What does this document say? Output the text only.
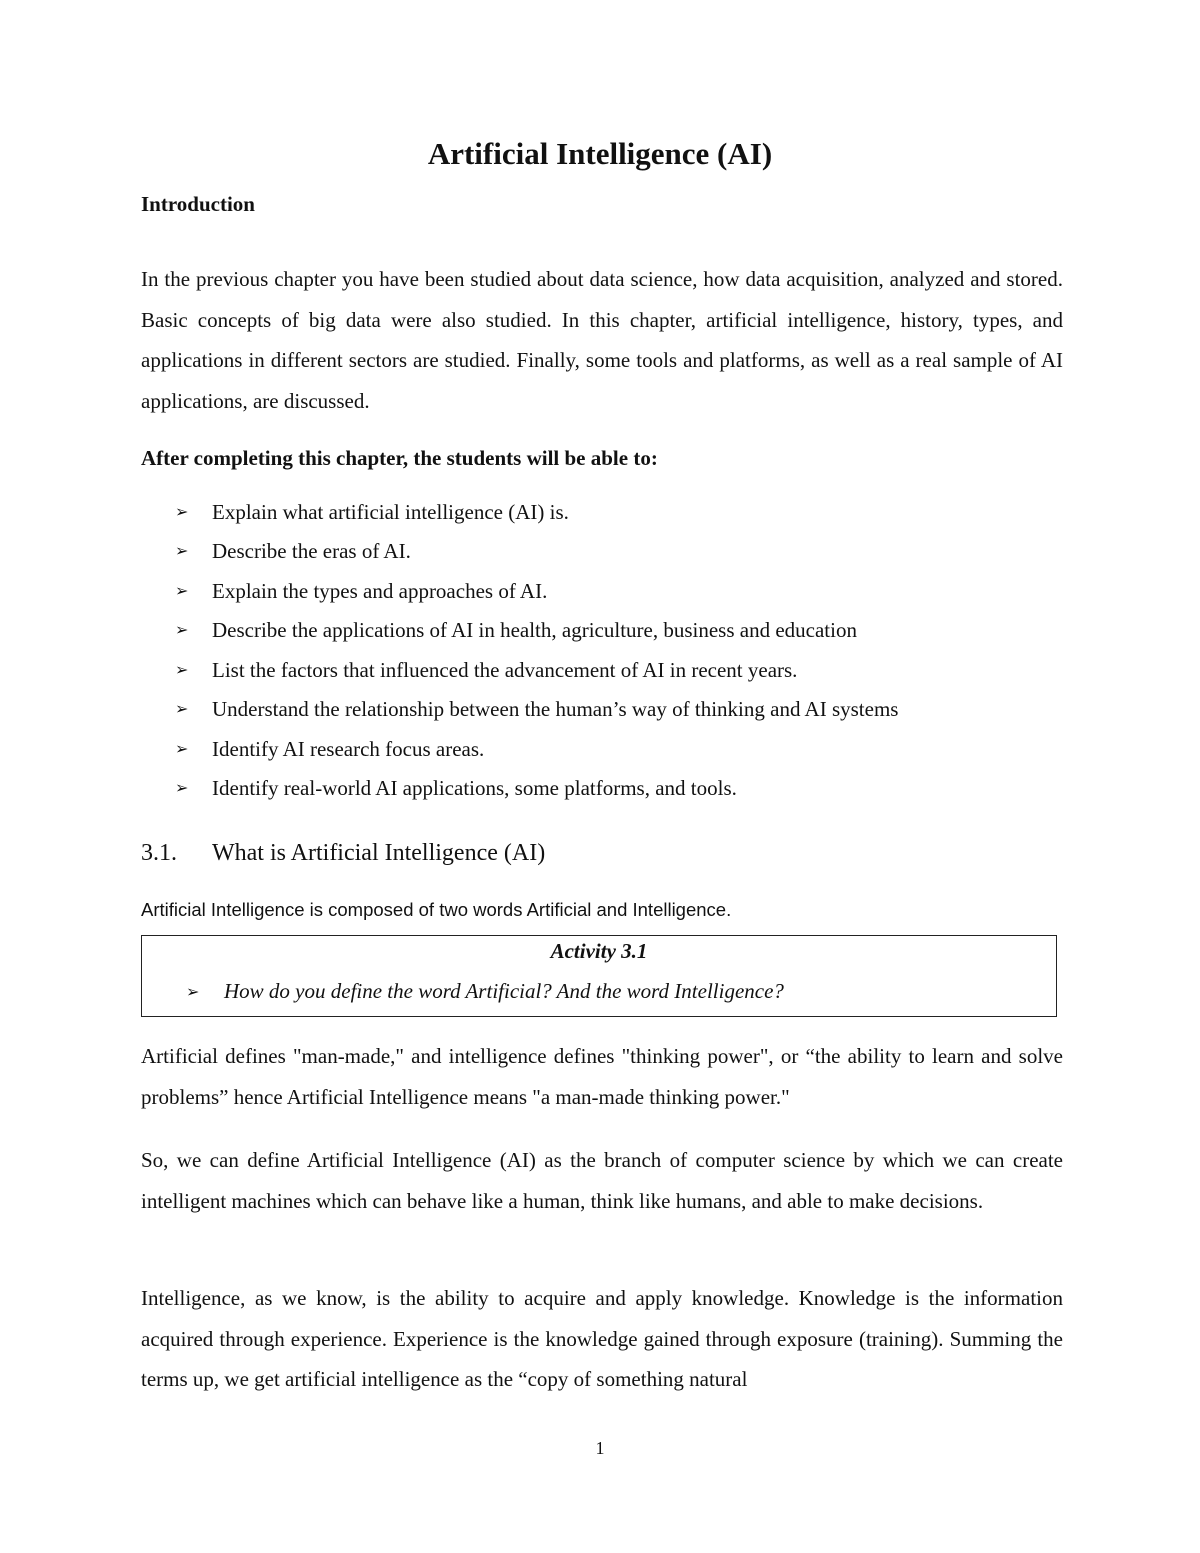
Artificial Intelligence (AI)
Introduction

In the previous chapter you have been studied about data science, how data acquisition, analyzed and stored. Basic concepts of big data were also studied. In this chapter, artificial intelligence, history, types, and applications in different sectors are studied. Finally, some tools and platforms, as well as a real sample of AI applications, are discussed.

After completing this chapter, the students will be able to:
➢	Explain what artificial intelligence (AI) is.
➢	Describe the eras of AI.
➢	Explain the types and approaches of AI.
➢	Describe the applications of AI in health, agriculture, business and education
➢	List the factors that influenced the advancement of AI in recent years.
➢	Understand the relationship between the human’s way of thinking and AI systems
➢	Identify AI research focus areas.
➢	Identify real-world AI applications, some platforms, and tools.
3.1.	What is Artificial Intelligence (AI)

Artificial Intelligence is composed of two words Artificial and Intelligence.

Activity 3.1

➢	How do you define the word Artificial? And the word Intelligence?

Artificial defines "man-made," and intelligence defines "thinking power", or “the ability to learn and solve problems” hence Artificial Intelligence means "a man-made thinking power."

So, we can define Artificial Intelligence (AI) as the branch of computer science by which we can create intelligent machines which can behave like a human, think like humans, and able to make decisions.

Intelligence, as we know, is the ability to acquire and apply knowledge. Knowledge is the information acquired through experience. Experience is the knowledge gained through exposure (training). Summing the terms up, we get artificial intelligence as the “copy of something natural

1
